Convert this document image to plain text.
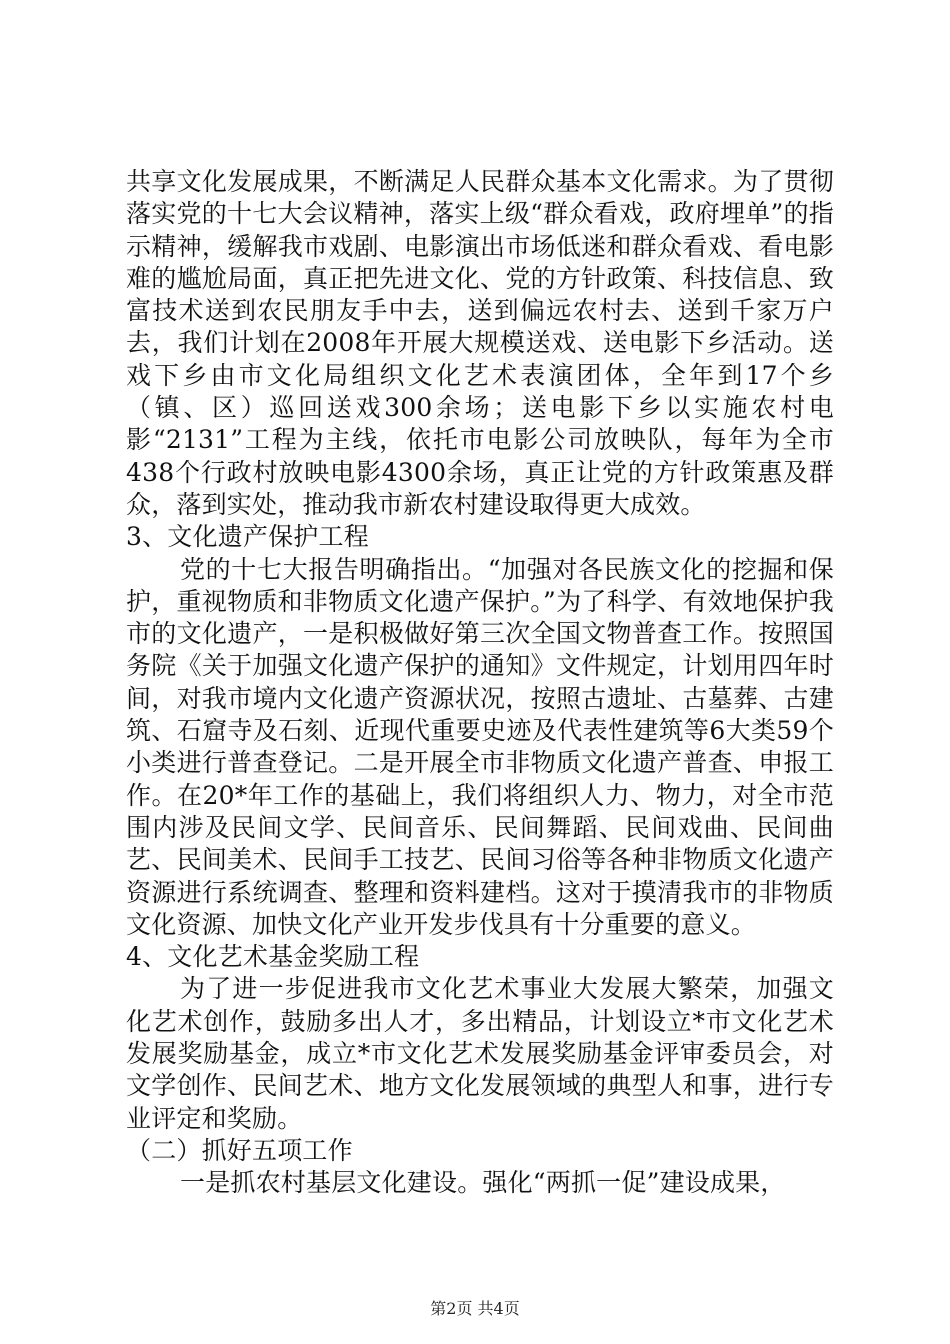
共享文化发展成果，不断满足人民群众基本文化需求。为了贯彻落实党的十七大会议精神，落实上级“群众看戏，政府埋单”的指示精神，缓解我市戏剧、电影演出市场低迷和群众看戏、看电影难的尴尬局面，真正把先进文化、党的方针政策、科技信息、致富技术送到农民朋友手中去，送到偏远农村去、送到千家万户去，我们计划在2008年开展大规模送戏、送电影下乡活动。送戏下乡由市文化局组织文化艺术表演团体，全年到17个乡（镇、区）巡回送戏300余场；送电影下乡以实施农村电影“2131”工程为主线，依托市电影公司放映队，每年为全市438个行政村放映电影4300余场，真正让党的方针政策惠及群众，落到实处，推动我市新农村建设取得更大成效。

3、文化遗产保护工程

党的十七大报告明确指出。“加强对各民族文化的挖掘和保护，重视物质和非物质文化遗产保护。”为了科学、有效地保护我市的文化遗产，一是积极做好第三次全国文物普查工作。按照国务院《关于加强文化遗产保护的通知》文件规定，计划用四年时间，对我市境内文化遗产资源状况，按照古遗址、古墓葬、古建筑、石窟寺及石刻、近现代重要史迹及代表性建筑等6大类59个小类进行普查登记。二是开展全市非物质文化遗产普查、申报工作。在20*年工作的基础上，我们将组织人力、物力，对全市范围内涉及民间文学、民间音乐、民间舞蹈、民间戏曲、民间曲艺、民间美术、民间手工技艺、民间习俗等各种非物质文化遗产资源进行系统调查、整理和资料建档。这对于摸清我市的非物质文化资源、加快文化产业开发步伐具有十分重要的意义。

4、文化艺术基金奖励工程

为了进一步促进我市文化艺术事业大发展大繁荣，加强文化艺术创作，鼓励多出人才，多出精品，计划设立*市文化艺术发展奖励基金，成立*市文化艺术发展奖励基金评审委员会，对文学创作、民间艺术、地方文化发展领域的典型人和事，进行专业评定和奖励。

（二）抓好五项工作

一是抓农村基层文化建设。强化“两抓一促”建设成果，

第2页 共4页
